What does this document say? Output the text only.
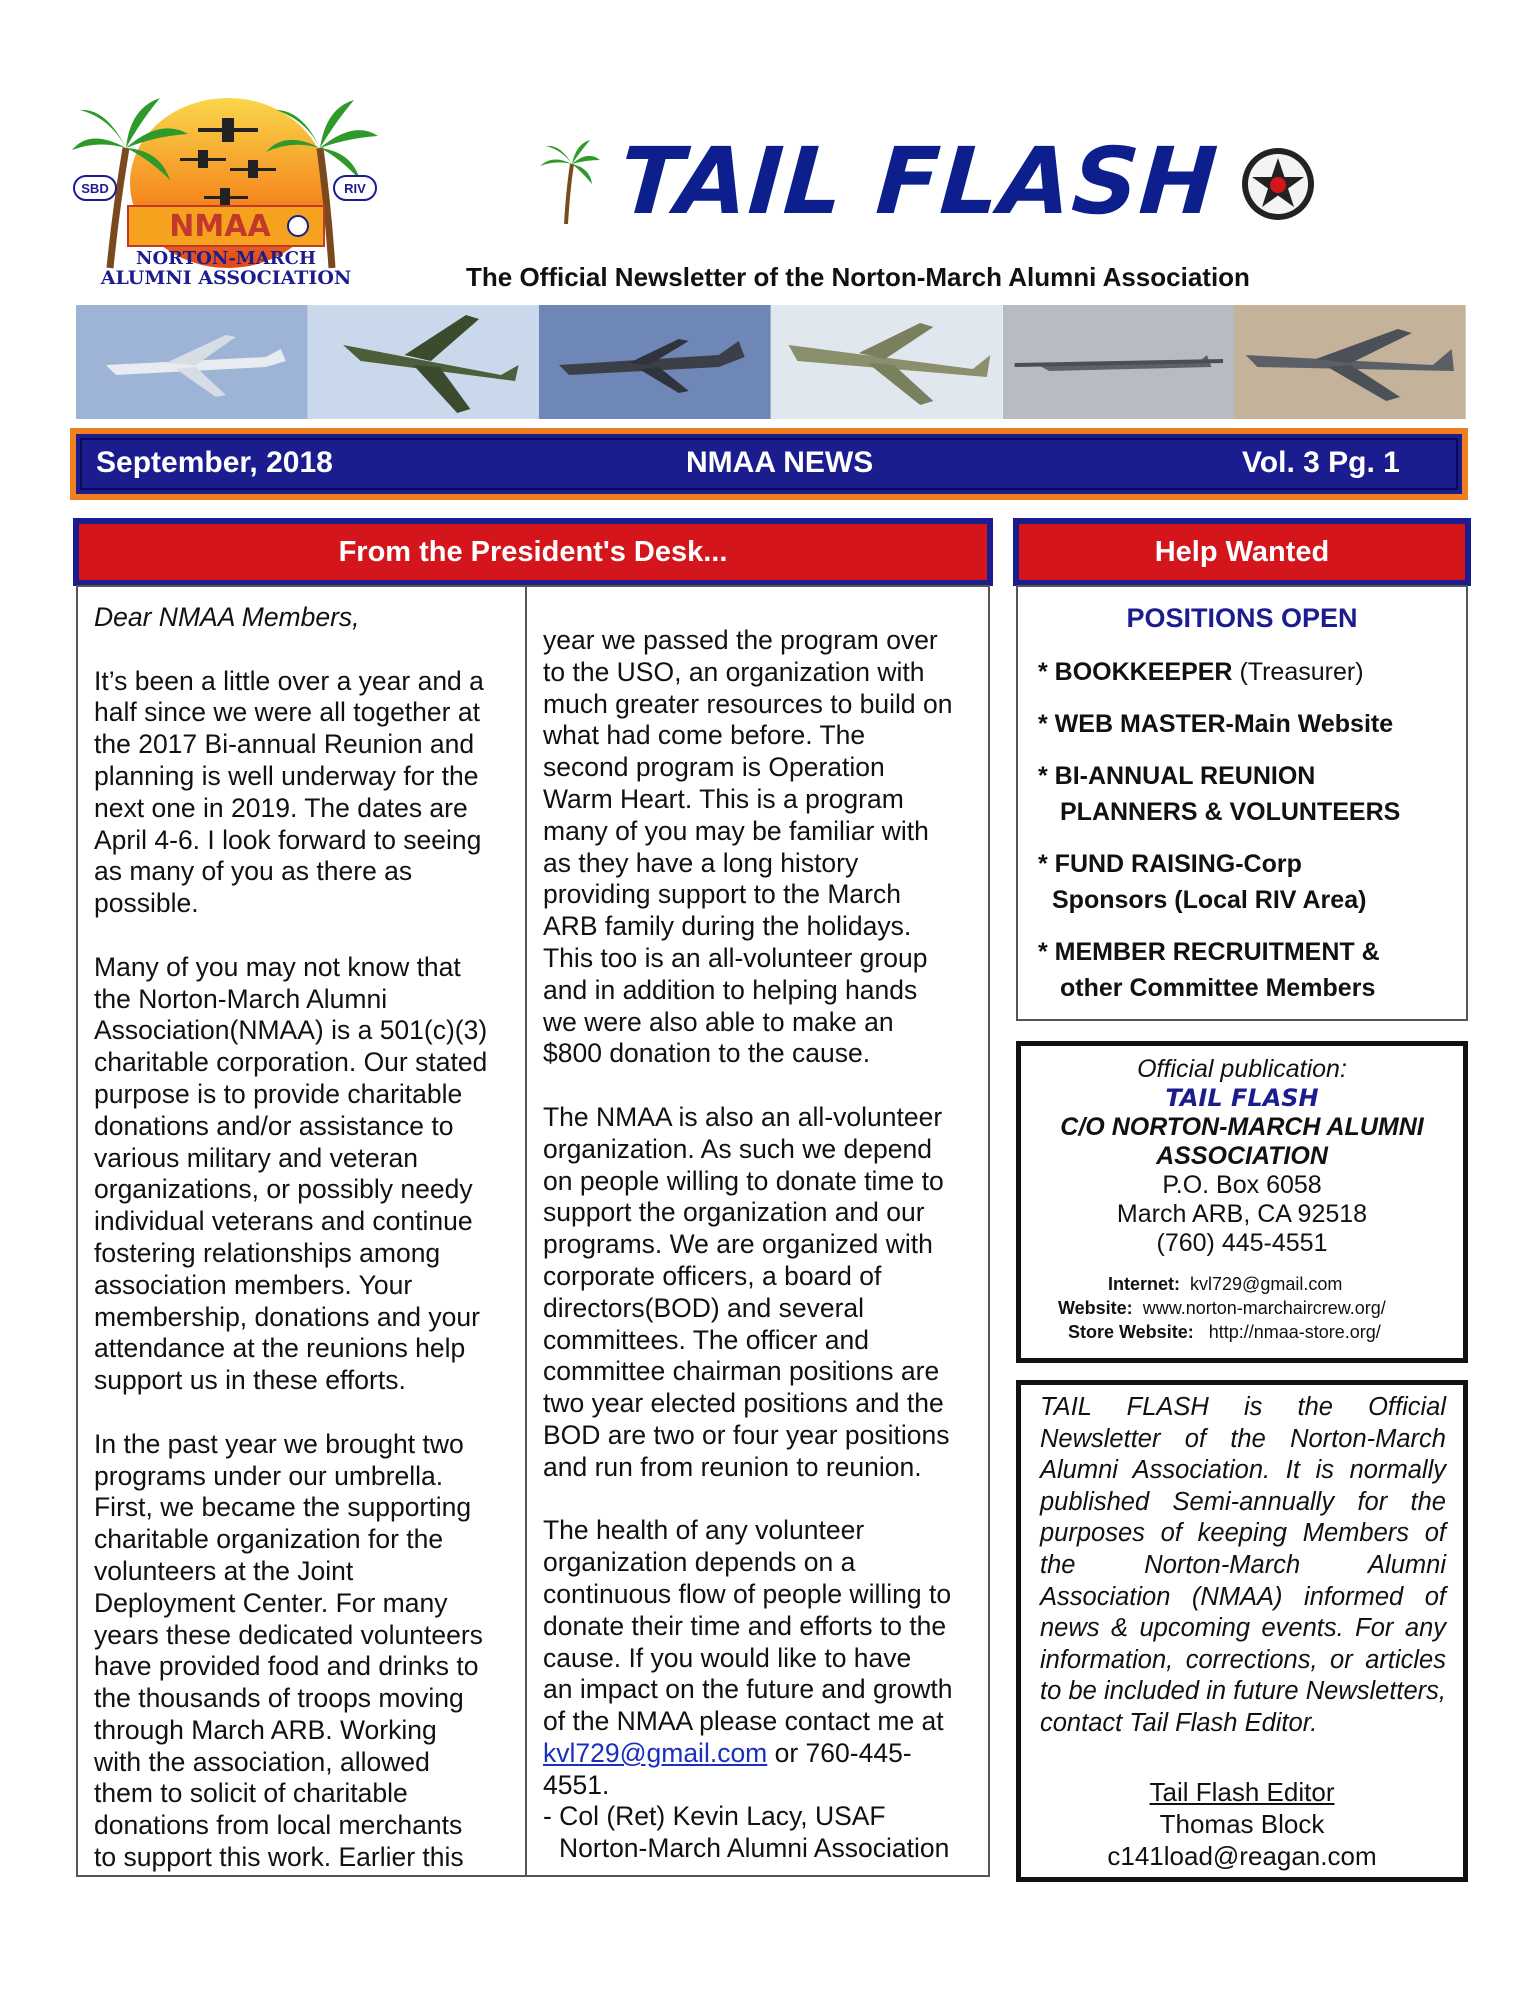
SBD	RIV
NMAA
NORTON-MARCH
ALUMNI ASSOCIATION
TAIL FLASH
The Official Newsletter of the Norton-March Alumni Association
September, 2018	NMAA NEWS	Vol. 3 Pg. 1
From the President's Desk...

Dear NMAA Members,

It’s been a little over a year and a
half since we were all together at
the 2017 Bi-annual Reunion and
planning is well underway for the
next one in 2019. The dates are
April 4-6. I look forward to seeing
as many of you as there as
possible.

Many of you may not know that
the Norton-March Alumni
Association(NMAA) is a 501(c)(3)
charitable corporation. Our stated
purpose is to provide charitable
donations and/or assistance to
various military and veteran
organizations, or possibly needy
individual veterans and continue
fostering relationships among
association members. Your
membership, donations and your
attendance at the reunions help
support us in these efforts.

In the past year we brought two
programs under our umbrella.
First, we became the supporting
charitable organization for the
volunteers at the Joint
Deployment Center. For many
years these dedicated volunteers
have provided food and drinks to
the thousands of troops moving
through March ARB. Working
with the association, allowed
them to solicit of charitable
donations from local merchants
to support this work. Earlier this

year we passed the program over
to the USO, an organization with
much greater resources to build on
what had come before. The
second program is Operation
Warm Heart. This is a program
many of you may be familiar with
as they have a long history
providing support to the March
ARB family during the holidays.
This too is an all-volunteer group
and in addition to helping hands
we were also able to make an
$800 donation to the cause.

The NMAA is also an all-volunteer
organization. As such we depend
on people willing to donate time to
support the organization and our
programs. We are organized with
corporate officers, a board of
directors(BOD) and several
committees. The officer and
committee chairman positions are
two year elected positions and the
BOD are two or four year positions
and run from reunion to reunion.

The health of any volunteer
organization depends on a
continuous flow of people willing to
donate their time and efforts to the
cause. If you would like to have
an impact on the future and growth
of the NMAA please contact me at

kvl729@gmail.com or 760-445-
4551.
- Col (Ret) Kevin Lacy, USAF
Norton-March Alumni Association
Help Wanted
POSITIONS OPEN
* BOOKKEEPER (Treasurer)
* WEB MASTER-Main Website
* BI-ANNUAL REUNION
PLANNERS & VOLUNTEERS
* FUND RAISING-Corp
Sponsors (Local RIV Area)
* MEMBER RECRUITMENT &
other Committee Members
Official publication:
TAIL FLASH
C/O NORTON-MARCH ALUMNI
ASSOCIATION
P.O. Box 6058
March ARB, CA 92518
(760) 445-4551
Internet: kvl729@gmail.com
Website: www.norton-marchaircrew.org/
Store Website: http://nmaa-store.org/
TAIL FLASH is the Official Newsletter of the Norton-March Alumni Association. It is normally published Semi-annually for the purposes of keeping Members of the Norton-March Alumni Association (NMAA) informed of news & upcoming events. For any information, corrections, or articles to be included in future Newsletters, contact Tail Flash Editor.
Tail Flash Editor
Thomas Block
c141load@reagan.com
